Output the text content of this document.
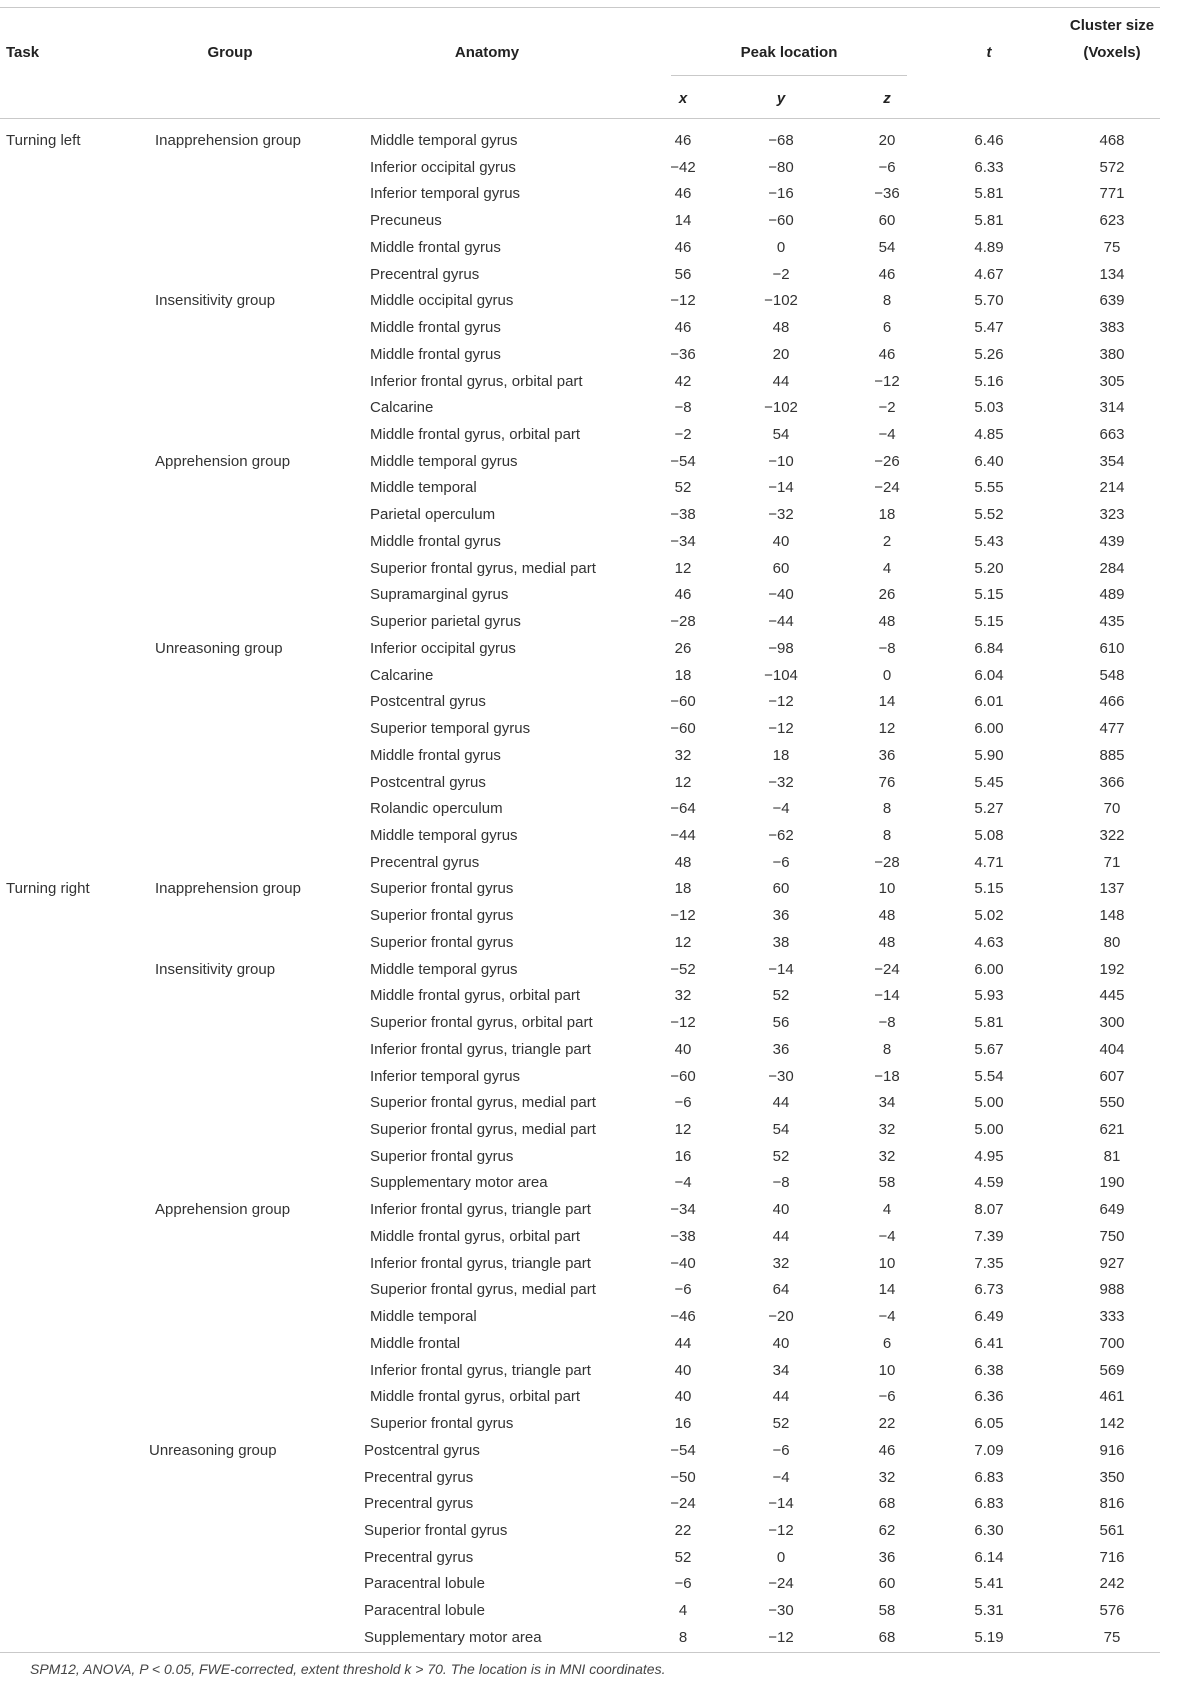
Task	Group	Anatomy	Peak location
x	y	z
t
Cluster size
(Voxels)
Turning left	Inapprehension group	Middle temporal gyrus	46	−68	20	6.46	468
Inferior occipital gyrus	−42	−80	−6	6.33	572
Inferior temporal gyrus	46	−16	−36	5.81	771
Precuneus	14	−60	60	5.81	623
Middle frontal gyrus	46	0	54	4.89	75
Precentral gyrus	56	−2	46	4.67	134
Insensitivity group	Middle occipital gyrus	−12	−102	8	5.70	639
Middle frontal gyrus	46	48	6	5.47	383
Middle frontal gyrus	−36	20	46	5.26	380
Inferior frontal gyrus, orbital part	42	44	−12	5.16	305
Calcarine	−8	−102	−2	5.03	314
Middle frontal gyrus, orbital part	−2	54	−4	4.85	663
Apprehension group	Middle temporal gyrus	−54	−10	−26	6.40	354
Middle temporal	52	−14	−24	5.55	214
Parietal operculum	−38	−32	18	5.52	323
Middle frontal gyrus	−34	40	2	5.43	439
Superior frontal gyrus, medial part	12	60	4	5.20	284
Supramarginal gyrus	46	−40	26	5.15	489
Superior parietal gyrus	−28	−44	48	5.15	435
Unreasoning group	Inferior occipital gyrus	26	−98	−8	6.84	610
Calcarine	18	−104	0	6.04	548
Postcentral gyrus	−60	−12	14	6.01	466
Superior temporal gyrus	−60	−12	12	6.00	477
Middle frontal gyrus	32	18	36	5.90	885
Postcentral gyrus	12	−32	76	5.45	366
Rolandic operculum	−64	−4	8	5.27	70
Middle temporal gyrus	−44	−62	8	5.08	322
Precentral gyrus	48	−6	−28	4.71	71
Turning right	Inapprehension group	Superior frontal gyrus	18	60	10	5.15	137
Superior frontal gyrus	−12	36	48	5.02	148
Superior frontal gyrus	12	38	48	4.63	80
Insensitivity group	Middle temporal gyrus	−52	−14	−24	6.00	192
Middle frontal gyrus, orbital part	32	52	−14	5.93	445
Superior frontal gyrus, orbital part	−12	56	−8	5.81	300
Inferior frontal gyrus, triangle part	40	36	8	5.67	404
Inferior temporal gyrus	−60	−30	−18	5.54	607
Superior frontal gyrus, medial part	−6	44	34	5.00	550
Superior frontal gyrus, medial part	12	54	32	5.00	621
Superior frontal gyrus	16	52	32	4.95	81
Supplementary motor area	−4	−8	58	4.59	190
Apprehension group	Inferior frontal gyrus, triangle part	−34	40	4	8.07	649
Middle frontal gyrus, orbital part	−38	44	−4	7.39	750
Inferior frontal gyrus, triangle part	−40	32	10	7.35	927
Superior frontal gyrus, medial part	−6	64	14	6.73	988
Middle temporal	−46	−20	−4	6.49	333
Middle frontal	44	40	6	6.41	700
Inferior frontal gyrus, triangle part	40	34	10	6.38	569
Middle frontal gyrus, orbital part	40	44	−6	6.36	461
Superior frontal gyrus	16	52	22	6.05	142
Unreasoning group	Postcentral gyrus	−54	−6	46	7.09	916
Precentral gyrus	−50	−4	32	6.83	350
Precentral gyrus	−24	−14	68	6.83	816
Superior frontal gyrus	22	−12	62	6.30	561
Precentral gyrus	52	0	36	6.14	716
Paracentral lobule	−6	−24	60	5.41	242
Paracentral lobule	4	−30	58	5.31	576
Supplementary motor area	8	−12	68	5.19	75
SPM12, ANOVA, P < 0.05, FWE-corrected, extent threshold k > 70. The location is in MNI coordinates.
